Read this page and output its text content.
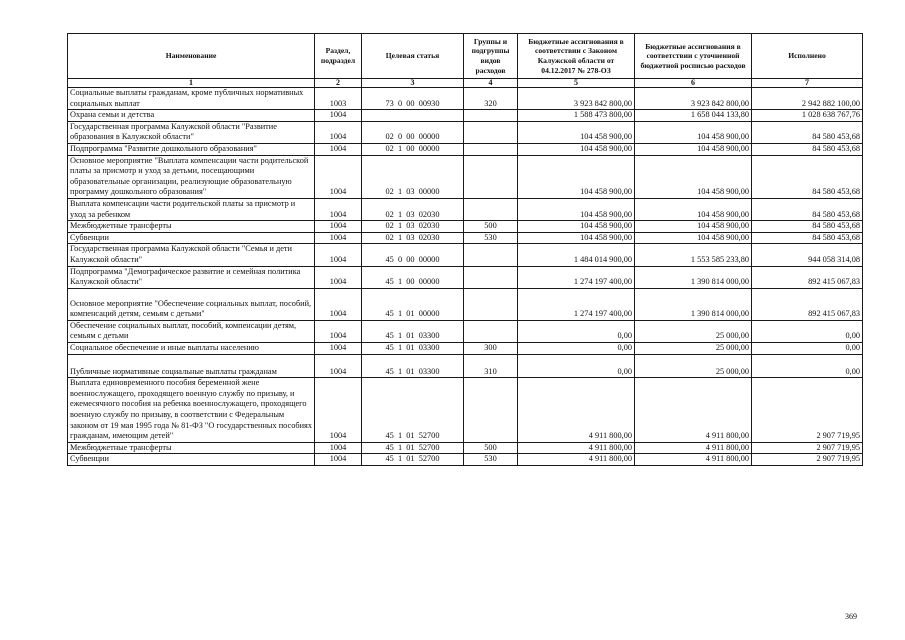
Наименование	Раздел, подраздел	Целевая статья	Группы и подгруппы видов расходов	Бюджетные ассигнования в соответствии с Законом Калужской области от 04.12.2017 № 278-ОЗ	Бюджетные ассигнования в соответствии с уточненной бюджетной росписью расходов	Исполнено
1	2	3	4	5	6	7
Социальные выплаты гражданам, кроме публичных нормативных социальных выплат	1003	73  0  00  00930	320	3 923 842 800,00	3 923 842 800,00	2 942 882 100,00
Охрана семьи и детства	1004			1 588 473 800,00	1 658 044 133,80	1 028 638 767,76
Государственная программа Калужской области "Развитие образования в Калужской области"	1004	02  0  00  00000		104 458 900,00	104 458 900,00	84 580 453,68
Подпрограмма "Развитие дошкольного образования"	1004	02  1  00  00000		104 458 900,00	104 458 900,00	84 580 453,68
Основное мероприятие "Выплата компенсации части родительской платы за присмотр и уход за детьми, посещающими образовательные организации, реализующие образовательную программу дошкольного образования"	1004	02  1  03  00000		104 458 900,00	104 458 900,00	84 580 453,68
Выплата компенсации части родительской платы за присмотр и уход за ребенком	1004	02  1  03  02030		104 458 900,00	104 458 900,00	84 580 453,68
Межбюджетные трансферты	1004	02  1  03  02030	500	104 458 900,00	104 458 900,00	84 580 453,68
Субвенции	1004	02  1  03  02030	530	104 458 900,00	104 458 900,00	84 580 453,68
Государственная программа Калужской области "Семья и дети Калужской области"	1004	45  0  00  00000		1 484 014 900,00	1 553 585 233,80	944 058 314,08
Подпрограмма "Демографическое развитие и семейная политика Калужской области"	1004	45  1  00  00000		1 274 197 400,00	1 390 814 000,00	892 415 067,83
Основное мероприятие "Обеспечение социальных выплат, пособий, компенсаций детям, семьям с детьми"	1004	45  1  01  00000		1 274 197 400,00	1 390 814 000,00	892 415 067,83
Обеспечение социальных выплат, пособий, компенсации детям, семьям с детьми	1004	45  1  01  03300		0,00	25 000,00	0,00
Социальное обеспечение и иные выплаты населению	1004	45  1  01  03300	300	0,00	25 000,00	0,00
Публичные нормативные социальные выплаты гражданам	1004	45  1  01  03300	310	0,00	25 000,00	0,00
Выплата единовременного пособия беременной жене военнослужащего, проходящего военную службу по призыву, и ежемесячного пособия на ребенка военнослужащего, проходящего военную службу по призыву, в соответствии с Федеральным законом от 19 мая 1995 года № 81-ФЗ "О государственных пособиях гражданам, имеющим детей"	1004	45  1  01  52700		4 911 800,00	4 911 800,00	2 907 719,95
Межбюджетные трансферты	1004	45  1  01  52700	500	4 911 800,00	4 911 800,00	2 907 719,95
Субвенции	1004	45  1  01  52700	530	4 911 800,00	4 911 800,00	2 907 719,95
369
